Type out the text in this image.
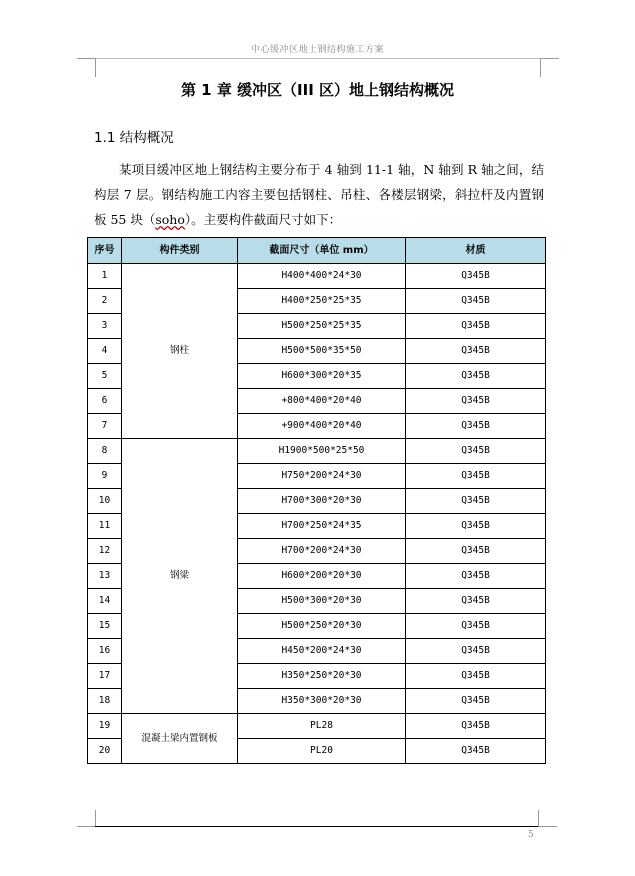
中心缓冲区地上钢结构施工方案
第 1 章 缓冲区（III 区）地上钢结构概况
1.1 结构概况
某项目缓冲区地上钢结构主要分布于 4 轴到 11-1 轴，N 轴到 R 轴之间，结构层 7 层。钢结构施工内容主要包括钢柱、吊柱、各楼层钢梁，斜拉杆及内置钢板 55 块（soho）。主要构件截面尺寸如下：
序号	构件类别	截面尺寸（单位 mm）	材质
1	钢柱	H400*400*24*30	Q345B
2		H400*250*25*35	Q345B
3		H500*250*25*35	Q345B
4		H500*500*35*50	Q345B
5		H600*300*20*35	Q345B
6		+800*400*20*40	Q345B
7		+900*400*20*40	Q345B
8	钢梁	H1900*500*25*50	Q345B
9		H750*200*24*30	Q345B
10		H700*300*20*30	Q345B
11		H700*250*24*35	Q345B
12		H700*200*24*30	Q345B
13		H600*200*20*30	Q345B
14		H500*300*20*30	Q345B
15		H500*250*20*30	Q345B
16		H450*200*24*30	Q345B
17		H350*250*20*30	Q345B
18		H350*300*20*30	Q345B
19	混凝土梁内置钢板	PL28	Q345B
20		PL20	Q345B
5
